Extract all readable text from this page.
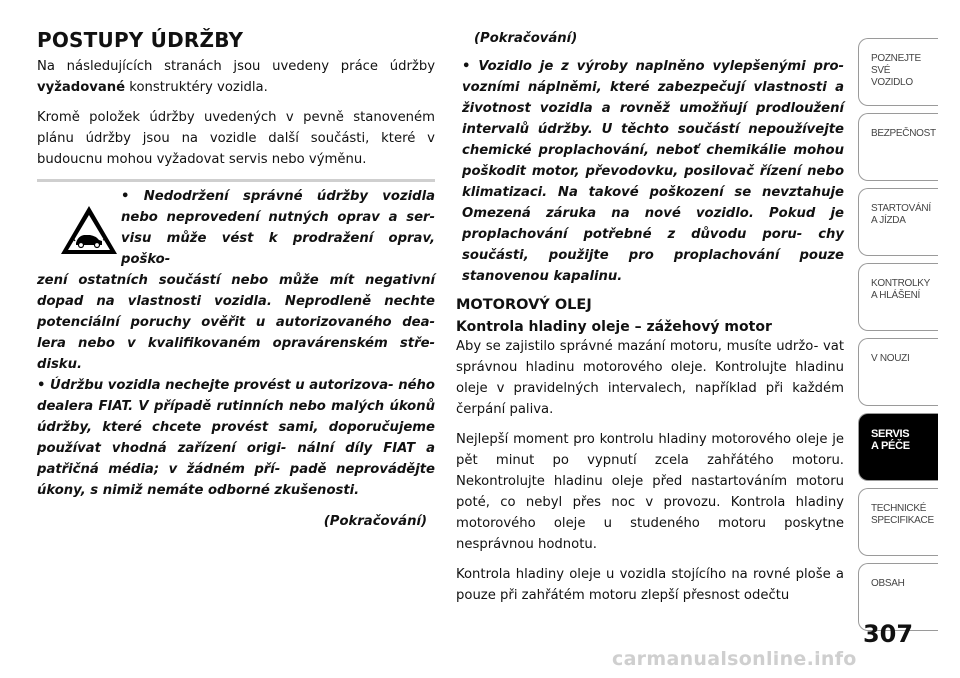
POSTUPY ÚDRŽBY

Na následujících stranách jsou uvedeny práce údržby vyžadované konstruktéry vozidla.

Kromě položek údržby uvedených v pevně stanoveném plánu údržby jsou na vozidle další součásti, které v budoucnu mohou vyžadovat servis nebo výměnu.

• Nedodržení správné údržby vozidla nebo neprovedení nutných oprav a ser- visu může vést k prodražení oprav, poško-
zení ostatních součástí nebo může mít negativní dopad na vlastnosti vozidla. Neprodleně nechte potenciální poruchy ověřit u autorizovaného dea- lera nebo v kvalifikovaném opravárenském stře- disku.
• Údržbu vozidla nechejte provést u autorizova- ného dealera FIAT. V případě rutinních nebo malých úkonů údržby, které chcete provést sami, doporučujeme používat vhodná zařízení origi- nální díly FIAT a patřičná média; v žádném pří- padě neprovádějte úkony, s nimiž nemáte odborné zkušenosti.
(Pokračování)
(Pokračování)
• Vozidlo je z výroby naplněno vylepšenými pro- vozními náplněmi, které zabezpečují vlastnosti a životnost vozidla a rovněž umožňují prodloužení intervalů údržby. U těchto součástí nepoužívejte chemické proplachování, neboť chemikálie mohou poškodit motor, převodovku, posilovač řízení nebo klimatizaci. Na takové poškození se nevztahuje Omezená záruka na nové vozidlo. Pokud je proplachování potřebné z důvodu poru- chy součásti, použijte pro proplachování pouze stanovenou kapalinu.
MOTOROVÝ OLEJ
Kontrola hladiny oleje – zážehový motor

Aby se zajistilo správné mazání motoru, musíte udržo- vat správnou hladinu motorového oleje. Kontrolujte hladinu oleje v pravidelných intervalech, například při každém čerpání paliva.

Nejlepší moment pro kontrolu hladiny motorového oleje je pět minut po vypnutí zcela zahřátého motoru. Nekontrolujte hladinu oleje před nastartováním motoru poté, co nebyl přes noc v provozu. Kontrola hladiny motorového oleje u studeného motoru poskytne nesprávnou hodnotu.

Kontrola hladiny oleje u vozidla stojícího na rovné ploše a pouze při zahřátém motoru zlepší přesnost odečtu

POZNEJTE
SVÉ VOZIDLO
BEZPEČNOST
STARTOVÁNÍ
A JÍZDA
KONTROLKY
A HLÁŠENÍ
V NOUZI
SERVIS
A PÉČE
TECHNICKÉ
SPECIFIKACE
OBSAH
307
carmanualsonline.info
